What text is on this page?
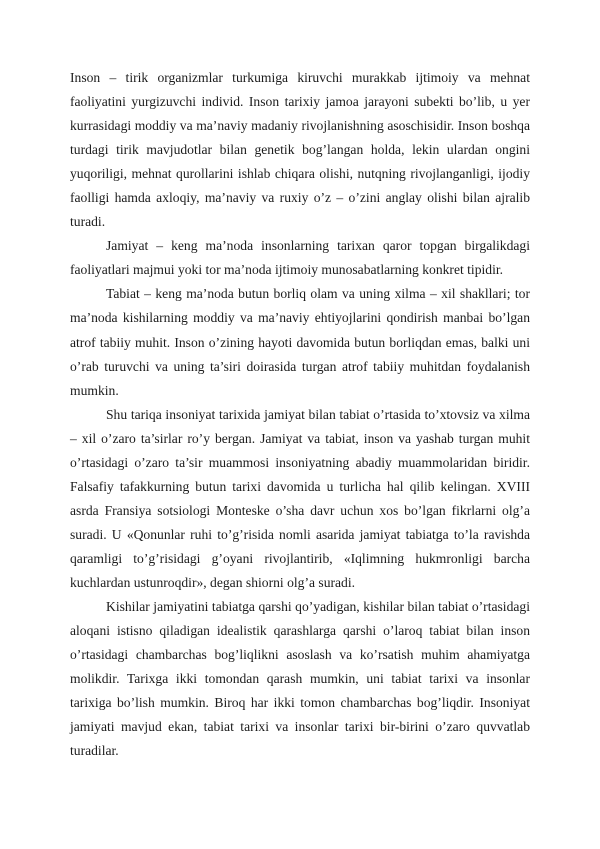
Inson – tirik organizmlar turkumiga kiruvchi murakkab ijtimoiy va mehnat faoliyatini yurgizuvchi individ. Inson tarixiy jamoa jarayoni subekti bo’lib, u yer kurrasidagi moddiy va ma’naviy madaniy rivojlanishning asoschisidir. Inson boshqa turdagi tirik mavjudotlar bilan genetik bog’langan holda, lekin ulardan ongini yuqoriligi, mehnat qurollarini ishlab chiqara olishi, nutqning rivojlanganligi, ijodiy faolligi hamda axloqiy, ma’naviy va ruxiy o’z – o’zini anglay olishi bilan ajralib turadi.

Jamiyat – keng ma’noda insonlarning tarixan qaror topgan birgalikdagi faoliyatlari majmui yoki tor ma’noda ijtimoiy munosabatlarning konkret tipidir.

Tabiat – keng ma’noda butun borliq olam va uning xilma – xil shakllari; tor ma’noda kishilarning moddiy va ma’naviy ehtiyojlarini qondirish manbai bo’lgan atrof tabiiy muhit. Inson o’zining hayoti davomida butun borliqdan emas, balki uni o’rab turuvchi va uning ta’siri doirasida turgan atrof tabiiy muhitdan foydalanish mumkin.

Shu tariqa insoniyat tarixida jamiyat bilan tabiat o’rtasida to’xtovsiz va xilma – xil o’zaro ta’sirlar ro’y bergan. Jamiyat va tabiat, inson va yashab turgan muhit o’rtasidagi o’zaro ta’sir muammosi insoniyatning abadiy muammolaridan biridir. Falsafiy tafakkurning butun tarixi davomida u turlicha hal qilib kelingan. XVIII asrda Fransiya sotsiologi Monteske o’sha davr uchun xos bo’lgan fikrlarni olg’a suradi. U «Qonunlar ruhi to’g’risida nomli asarida jamiyat tabiatga to’la ravishda qaramligi to’g’risidagi g’oyani rivojlantirib, «Iqlimning hukmronligi barcha kuchlardan ustunroqdir», degan shiorni olg’a suradi.

Kishilar jamiyatini tabiatga qarshi qo’yadigan, kishilar bilan tabiat o’rtasidagi aloqani istisno qiladigan idealistik qarashlarga qarshi o’laroq tabiat bilan inson o’rtasidagi chambarchas bog’liqlikni asoslash va ko’rsatish muhim ahamiyatga molikdir. Tarixga ikki tomondan qarash mumkin, uni tabiat tarixi va insonlar tarixiga bo’lish mumkin. Biroq har ikki tomon chambarchas bog’liqdir. Insoniyat jamiyati mavjud ekan, tabiat tarixi va insonlar tarixi bir-birini o’zaro quvvatlab turadilar.
